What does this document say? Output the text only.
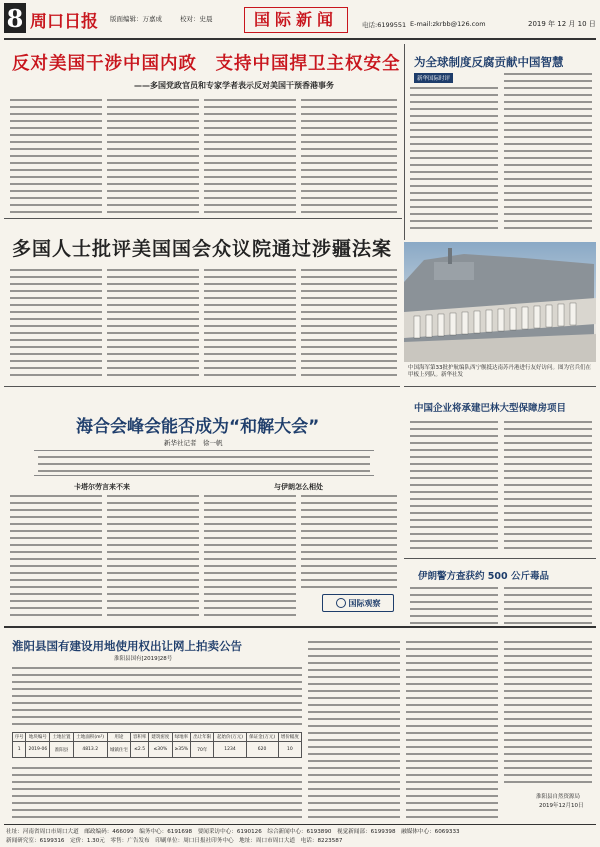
8 周口日报 版面编辑：万嘉成	校对：史晨	国际新闻	电话:6199551 E-mail:zkrbb@126.com	2019 年 12 月 10 日
反对美国干涉中国内政　支持中国捍卫主权安全
——多国党政官员和专家学者表示反对美国干预香港事务
多国人士批评美国国会众议院通过涉疆法案
为全球制度反腐贡献中国智慧
新华国际时评
中国海军第33批护航编队西宁舰抵达南苏丹港进行友好访问。图为官兵们在甲板上列队。新华社发
海合会峰会能否成为“和解大会”
新华社记者　徐一帆
卡塔尔劳言来不来	与伊朗怎么相处
国际观察
中国企业将承建巴林大型保障房项目
伊朗警方查获约 500 公斤毒品
淮阳县国有建设用地使用权出让网上拍卖公告
淮阳县国有[2019]28号
序号	地块编号	土地位置	土地面积(m²)	用途	容积率	建筑密度	绿地率	出让年限	起始价(万元)	保证金(万元)	增价幅度
1	2019-06	淮阳县	4813.2	城镇住宅	≤2.5	≤30%	≥35%	70年	1234	620	10
淮阳县自然资源局
2019年12月10日
社址：河南省周口市周口大道　邮政编码：466099　编务中心：6191698　要闻采访中心：6190126　综合新闻中心：6193890　视觉新闻部：6199398　融媒体中心：6069333
新闻研究室：6199316　定价：1.30元　零售：广告发布　印刷单位：周口日报社印务中心　地址：周口市周口大道　电话：8223587
